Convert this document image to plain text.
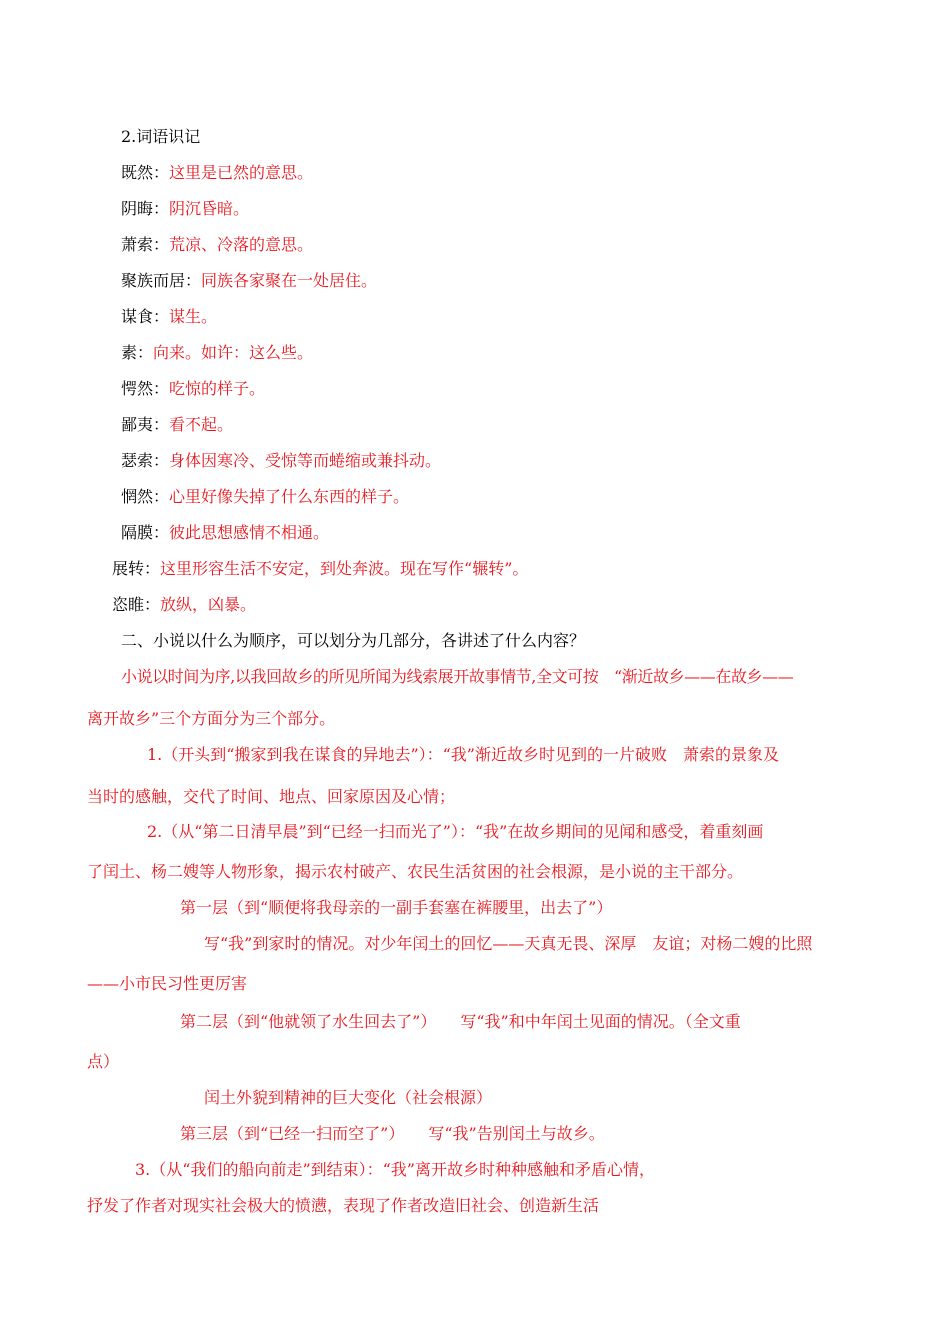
2.词语识记
既然：这里是已然的意思。
阴晦：阴沉昏暗。
萧索：荒凉、冷落的意思。
聚族而居：同族各家聚在一处居住。
谋食：谋生。
素：向来。如许：这么些。
愕然：吃惊的样子。
鄙夷：看不起。
瑟索：身体因寒冷、受惊等而蜷缩或兼抖动。
惘然：心里好像失掉了什么东西的样子。
隔膜：彼此思想感情不相通。
展转：这里形容生活不安定，到处奔波。现在写作“辗转”。
恣睢：放纵，凶暴。
二、小说以什么为顺序，可以划分为几部分，各讲述了什么内容？
小说以时间为序,以我回故乡的所见所闻为线索展开故事情节,全文可按　“渐近故乡——在故乡——
离开故乡”三个方面分为三个部分。
1.（开头到“搬家到我在谋食的异地去”）：“我”渐近故乡时见到的一片破败　萧索的景象及
当时的感触，交代了时间、地点、回家原因及心情；
2.（从“第二日清早晨”到“已经一扫而光了”）：“我”在故乡期间的见闻和感受，着重刻画
了闰土、杨二嫂等人物形象，揭示农村破产、农民生活贫困的社会根源，是小说的主干部分。
第一层（到“顺便将我母亲的一副手套塞在裤腰里，出去了”）
写“我”到家时的情况。对少年闰土的回忆——天真无畏、深厚　友谊；对杨二嫂的比照
——小市民习性更厉害
第二层（到“他就领了水生回去了”）　　写“我”和中年闰土见面的情况。（全文重
点）
闰土外貌到精神的巨大变化（社会根源）
第三层（到“已经一扫而空了”）　　写“我”告别闰土与故乡。
3.（从“我们的船向前走”到结束）：“我”离开故乡时种种感触和矛盾心情，
抒发了作者对现实社会极大的愤懑，表现了作者改造旧社会、创造新生活
